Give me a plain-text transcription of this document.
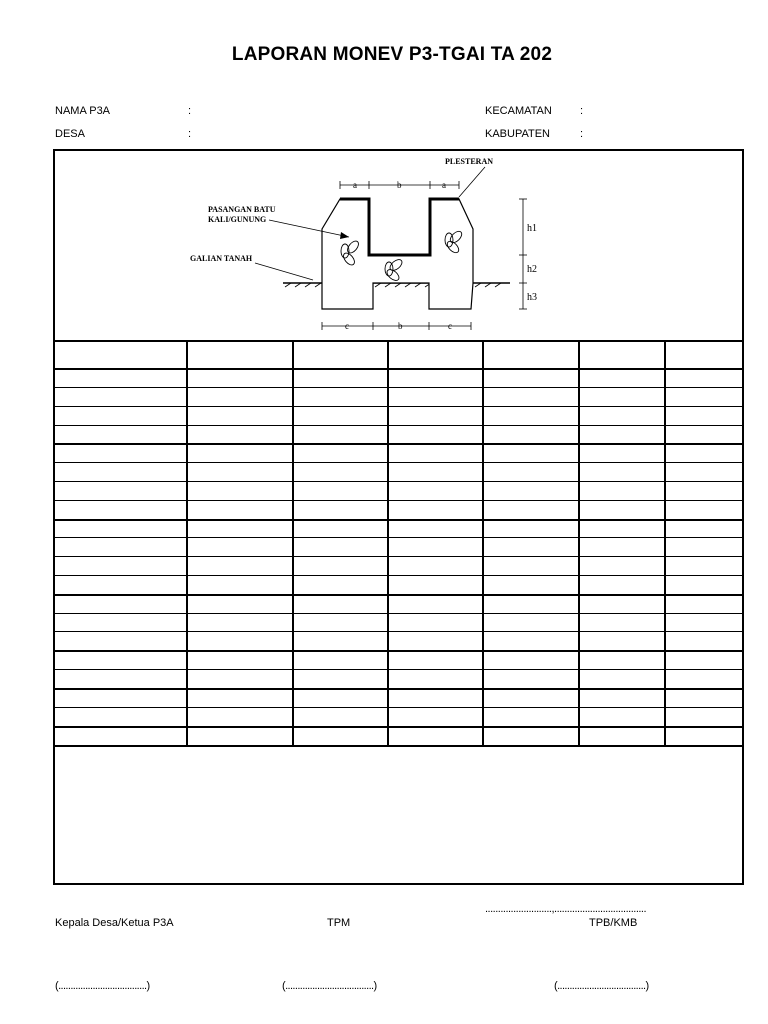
LAPORAN MONEV P3-TGAI TA 202
NAMA P3A	:
DESA	:
KECAMATAN	:
KABUPATEN	:
a	b	a
c	b	c
h1
h2
h3
PLESTERAN
PASANGAN BATU
KALI/GUNUNG
GALIAN TANAH
..........................,....................................
Kepala Desa/Ketua P3A	TPM	TPB/KMB
(....................................)	(....................................)	(....................................)
